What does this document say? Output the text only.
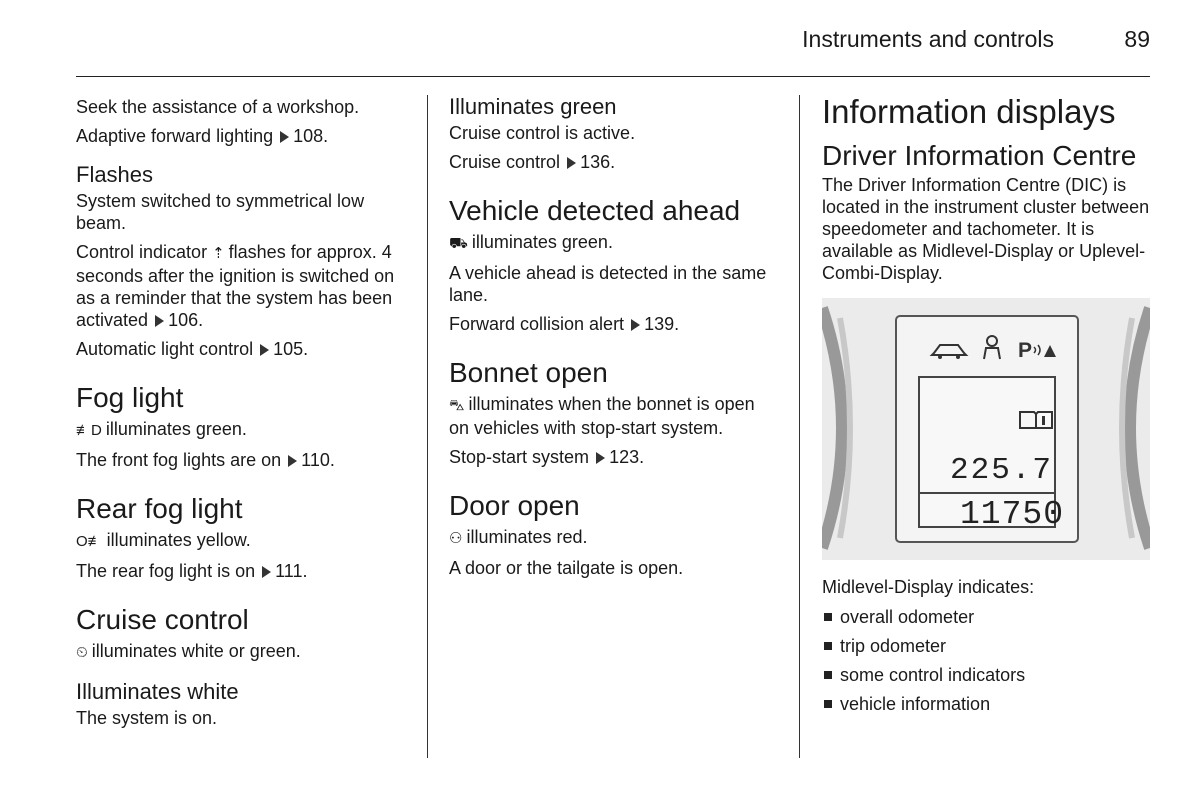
Instruments and controls	89

Seek the assistance of a workshop.

Adaptive forward lighting 108.

Flashes

System switched to symmetrical low beam.

Control indicator ⇡ flashes for approx. 4 seconds after the ignition is switched on as a reminder that the system has been activated 106.

Automatic light control 105.

Fog light

≢D illuminates green.

The front fog lights are on 110.

Rear fog light

O≢ illuminates yellow.

The rear fog light is on 111.

Cruise control

⏲ illuminates white or green.

Illuminates white

The system is on.

Illuminates green

Cruise control is active.

Cruise control 136.

Vehicle detected ahead

⛟ illuminates green.

A vehicle ahead is detected in the same lane.

Forward collision alert 139.

Bonnet open

⛍ illuminates when the bonnet is open on vehicles with stop-start system.

Stop-start system 123.

Door open

⚇ illuminates red.

A door or the tailgate is open.

Information displays
Driver Information Centre

The Driver Information Centre (DIC) is located in the instrument cluster between speedometer and tachometer. It is available as Midlevel-Display or Uplevel-Combi-Display.

P
225.7
11750

Midlevel-Display indicates:

overall odometer
trip odometer
some control indicators
vehicle information
